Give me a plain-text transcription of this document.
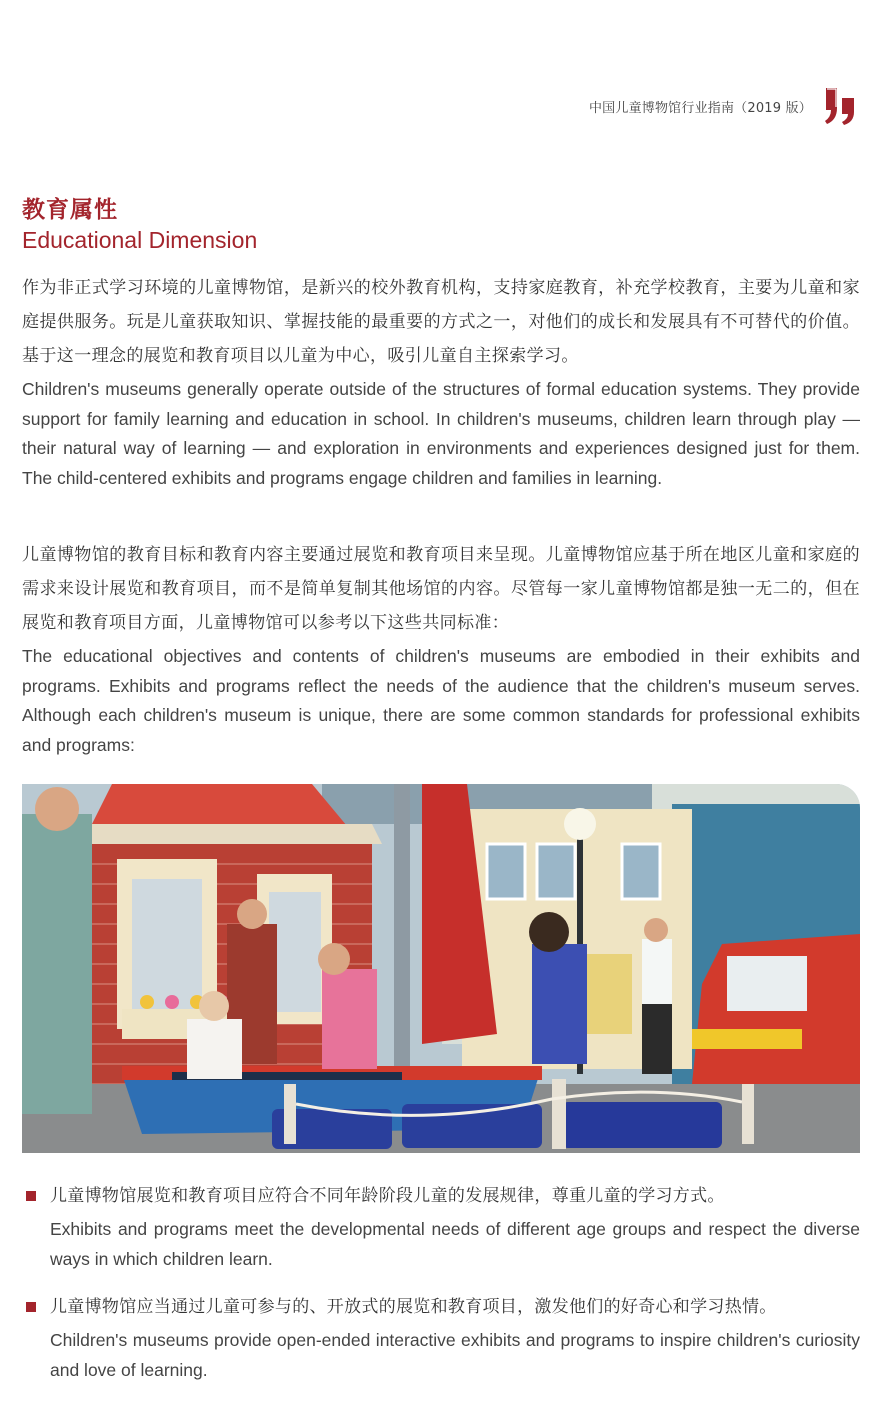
中国儿童博物馆行业指南（2019 版）
教育属性
Educational Dimension

作为非正式学习环境的儿童博物馆，是新兴的校外教育机构，支持家庭教育，补充学校教育，主要为儿童和家庭提供服务。玩是儿童获取知识、掌握技能的最重要的方式之一，对他们的成长和发展具有不可替代的价值。基于这一理念的展览和教育项目以儿童为中心，吸引儿童自主探索学习。

Children's museums generally operate outside of the structures of formal education systems. They provide support for family learning and education in school. In children's museums, children learn through play — their natural way of learning — and exploration in environments and experiences designed just for them. The child-centered exhibits and programs engage children and families in learning.

儿童博物馆的教育目标和教育内容主要通过展览和教育项目来呈现。儿童博物馆应基于所在地区儿童和家庭的需求来设计展览和教育项目，而不是简单复制其他场馆的内容。尽管每一家儿童博物馆都是独一无二的，但在展览和教育项目方面，儿童博物馆可以参考以下这些共同标准：

The educational objectives and contents of children's museums are embodied in their exhibits and programs. Exhibits and programs reflect the needs of the audience that the children's museum serves. Although each children's museum is unique, there are some common standards for professional exhibits and programs:

儿童博物馆展览和教育项目应符合不同年龄阶段儿童的发展规律，尊重儿童的学习方式。
Exhibits and programs meet the developmental needs of different age groups and respect the diverse ways in which children learn.
儿童博物馆应当通过儿童可参与的、开放式的展览和教育项目，激发他们的好奇心和学习热情。
Children's museums provide open-ended interactive exhibits and programs to inspire children's curiosity and love of learning.
